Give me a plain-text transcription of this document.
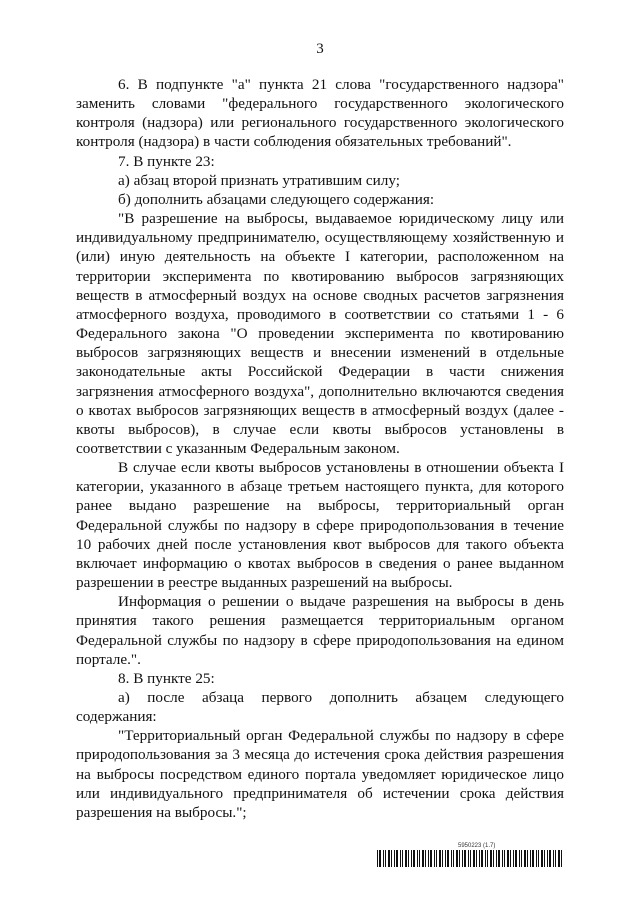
3

6. В подпункте "а" пункта 21 слова "государственного надзора" заменить словами "федерального государственного экологического контроля (надзора) или регионального государственного экологического контроля (надзора) в части соблюдения обязательных требований".

7. В пункте 23:

а) абзац второй признать утратившим силу;

б) дополнить абзацами следующего содержания:

"В разрешение на выбросы, выдаваемое юридическому лицу или индивидуальному предпринимателю, осуществляющему хозяйственную и (или) иную деятельность на объекте I категории, расположенном на территории эксперимента по квотированию выбросов загрязняющих веществ в атмосферный воздух на основе сводных расчетов загрязнения атмосферного воздуха, проводимого в соответствии со статьями 1 - 6 Федерального закона "О проведении эксперимента по квотированию выбросов загрязняющих веществ и внесении изменений в отдельные законодательные акты Российской Федерации в части снижения загрязнения атмосферного воздуха", дополнительно включаются сведения о квотах выбросов загрязняющих веществ в атмосферный воздух (далее - квоты выбросов), в случае если квоты выбросов установлены в соответствии с указанным Федеральным законом.

В случае если квоты выбросов установлены в отношении объекта I категории, указанного в абзаце третьем настоящего пункта, для которого ранее выдано разрешение на выбросы, территориальный орган Федеральной службы по надзору в сфере природопользования в течение 10 рабочих дней после установления квот выбросов для такого объекта включает информацию о квотах выбросов в сведения о ранее выданном разрешении в реестре выданных разрешений на выбросы.

Информация о решении о выдаче разрешения на выбросы в день принятия такого решения размещается территориальным органом Федеральной службы по надзору в сфере природопользования на едином портале.".

8. В пункте 25:

а) после абзаца первого дополнить абзацем следующего содержания:

"Территориальный орган Федеральной службы по надзору в сфере природопользования за 3 месяца до истечения срока действия разрешения на выбросы посредством единого портала уведомляет юридическое лицо или индивидуального предпринимателя об истечении срока действия разрешения на выбросы.";

5950223 (1.7)
